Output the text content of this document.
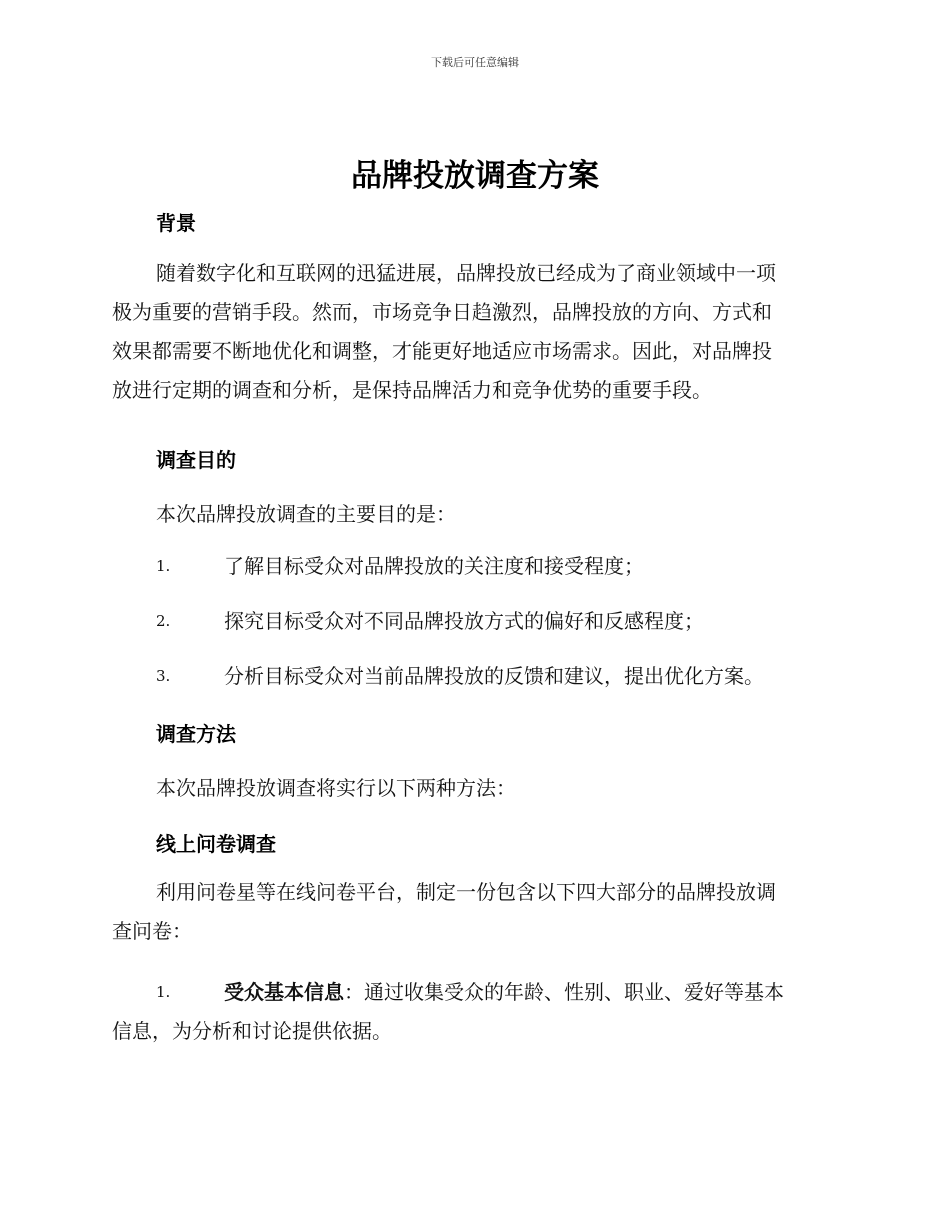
下载后可任意编辑
品牌投放调查方案
背景
随着数字化和互联网的迅猛进展，品牌投放已经成为了商业领域中一项
极为重要的营销手段。然而，市场竞争日趋激烈，品牌投放的方向、方式和
效果都需要不断地优化和调整，才能更好地适应市场需求。因此，对品牌投
放进行定期的调查和分析，是保持品牌活力和竞争优势的重要手段。
调查目的

本次品牌投放调查的主要目的是：

1.	了解目标受众对品牌投放的关注度和接受程度；
2.	探究目标受众对不同品牌投放方式的偏好和反感程度；
3.	分析目标受众对当前品牌投放的反馈和建议，提出优化方案。
调查方法

本次品牌投放调查将实行以下两种方法：

线上问卷调查
利用问卷星等在线问卷平台，制定一份包含以下四大部分的品牌投放调
查问卷：
1.	受众基本信息：通过收集受众的年龄、性别、职业、爱好等基本
信息，为分析和讨论提供依据。
